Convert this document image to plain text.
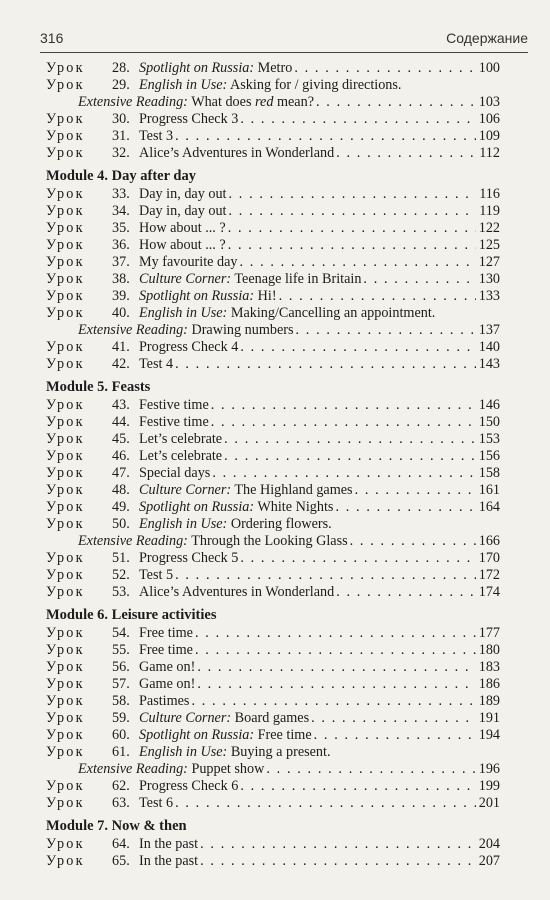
316	Содержание
Урок	28. Spotlight on Russia: Metro . . .	100
Урок	29. English in Use: Asking for / giving directions.
Extensive Reading: What does red mean? . . .	103
Урок	30. Progress Check 3 . . .	106
Урок	31. Test 3 . . .	109
Урок	32. Alice’s Adventures in Wonderland . . .	112
Module 4. Day after day
Урок	33. Day in, day out . . .	116
Урок	34. Day in, day out . . .	119
Урок	35. How about ... ? . . .	122
Урок	36. How about ... ? . . .	125
Урок	37. My favourite day . . .	127
Урок	38. Culture Corner: Teenage life in Britain . . .	130
Урок	39. Spotlight on Russia: Hi! . . .	133
Урок	40. English in Use: Making/Cancelling an appointment.
Extensive Reading: Drawing numbers . . .	137
Урок	41. Progress Check 4 . . .	140
Урок	42. Test 4 . . .	143
Module 5. Feasts
Урок	43. Festive time . . .	146
Урок	44. Festive time . . .	150
Урок	45. Let’s celebrate . . .	153
Урок	46. Let’s celebrate . . .	156
Урок	47. Special days . . .	158
Урок	48. Culture Corner: The Highland games . . .	161
Урок	49. Spotlight on Russia: White Nights . . .	164
Урок	50. English in Use: Ordering flowers.
Extensive Reading: Through the Looking Glass . . .	166
Урок	51. Progress Check 5 . . .	170
Урок	52. Test 5 . . .	172
Урок	53. Alice’s Adventures in Wonderland . . .	174
Module 6. Leisure activities
Урок	54. Free time . . .	177
Урок	55. Free time . . .	180
Урок	56. Game on! . . .	183
Урок	57. Game on! . . .	186
Урок	58. Pastimes . . .	189
Урок	59. Culture Corner: Board games . . .	191
Урок	60. Spotlight on Russia: Free time . . .	194
Урок	61. English in Use: Buying a present.
Extensive Reading: Puppet show . . .	196
Урок	62. Progress Check 6 . . .	199
Урок	63. Test 6 . . .	201
Module 7. Now & then
Урок	64. In the past . . .	204
Урок	65. In the past . . .	207
